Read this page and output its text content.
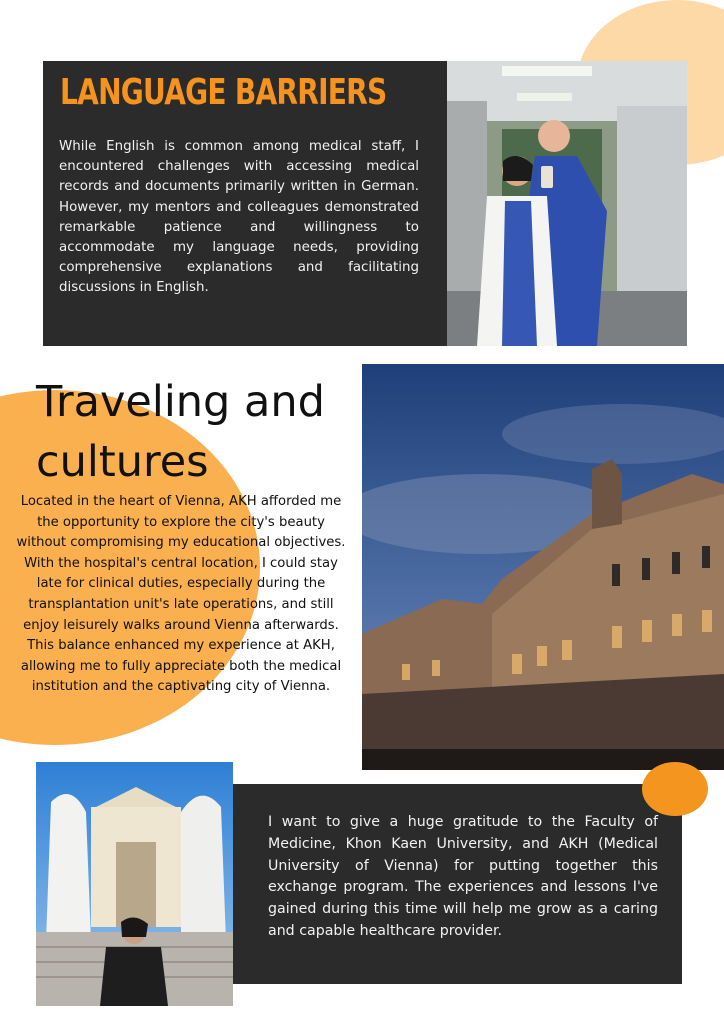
LANGUAGE BARRIERS

While English is common among medical staff, I encountered challenges with accessing medical records and documents primarily written in German. However, my mentors and colleagues demonstrated remarkable patience and willingness to accommodate my language needs, providing comprehensive explanations and facilitating discussions in English.

Traveling and cultures

Located in the heart of Vienna, AKH afforded me the opportunity to explore the city's beauty without compromising my educational objectives. With the hospital's central location, I could stay late for clinical duties, especially during the transplantation unit's late operations, and still enjoy leisurely walks around Vienna afterwards. This balance enhanced my experience at AKH, allowing me to fully appreciate both the medical institution and the captivating city of Vienna.

I want to give a huge gratitude to the Faculty of Medicine, Khon Kaen University, and AKH (Medical University of Vienna) for putting together this exchange program. The experiences and lessons I've gained during this time will help me grow as a caring and capable healthcare provider.
